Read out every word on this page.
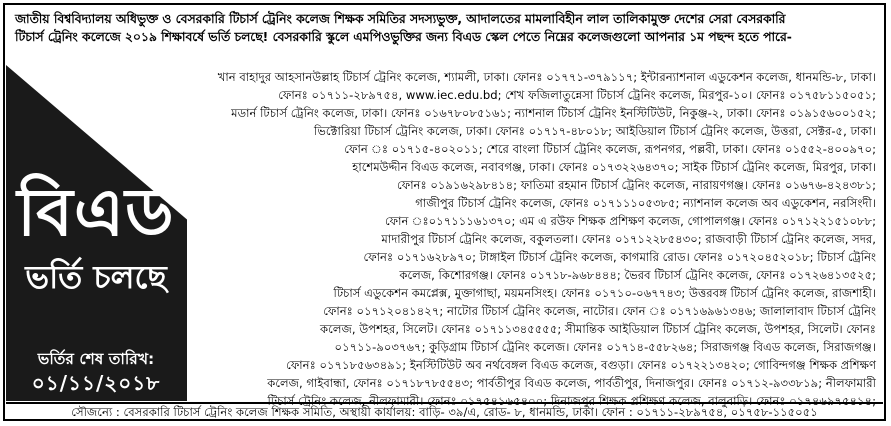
জাতীয় বিশ্ববিদ্যালয় অধিভুক্ত ও বেসরকারি টিচার্স ট্রেনিং কলেজ শিক্ষক সমিতির সদস্যভুক্ত, আদালতের মামলাবিহীন লাল তালিকামুক্ত দেশের সেরা বেসরকারি

টিচার্স ট্রেনিং কলেজে ২০১৯ শিক্ষাবর্ষে ভর্তি চলছে! বেসরকারি স্কুলে এমপিওভুক্তির জন্য বিএড স্কেল পেতে নিম্নের কলেজগুলো আপনার ১ম পছন্দ হতে পারে-

খান বাহাদুর আহসানউল্লাহ টিচার্স ট্রেনিং কলেজ, শ্যামলী, ঢাকা। ফোনঃ ০১৭৭১-৩৭৯১১৭; ইন্টারন্যাশনাল এডুকেশন কলেজ, ধানমন্ডি-৮, ঢাকা।
ফোনঃ ০১৭১১-২৮৯৭৫৪, www.iec.edu.bd; শেখ ফজিলাতুন্নেসা টিচার্স ট্রেনিং কলেজ, মিরপুর-১০। ফোনঃ ০১৭৫৮১১৫০৫১;
মডার্ন টিচার্স ট্রেনিং কলেজ, ঢাকা। ফোনঃ ০১৬৭৮০৮৫১৬১; ন্যাশনাল টিচার্স ট্রেনিং ইনস্টিটিউট, নিকুঞ্জ-২, ঢাকা। ফোনঃ ০১৯১৫৬০০১৫২;
ভিক্টোরিয়া টিচার্স ট্রেনিং কলেজ, ঢাকা। ফোনঃ ০১৭১৭-৪৮০১৮; আইডিয়াল টিচার্স ট্রেনিং কলেজ, উত্তরা, সেক্টর-৫, ঢাকা।
ফোন ঃ ০১৭১৫-৪০২০১১; শেরে বাংলা টিচার্স ট্রেনিং কলেজ, রূপনগর, পল্লবী, ঢাকা। ফোনঃ ০১৫৫২-৪০০৯৭০;
হাশেমউদ্দীন বিএড কলেজ, নবাবগঞ্জ, ঢাকা। ফোনঃ ০১৭৩২২৬৪৩৭০; সাইক টিচার্স ট্রেনিং কলেজ, মিরপুর, ঢাকা।
ফোনঃ ০১৯১৬২৯৮৪১৪; ফাতিমা রহমান টিচার্স ট্রেনিং কলেজ, নারায়ণগঞ্জ। ফোনঃ ০১৬৭৬-৪২৪৩৮১;
গাজীপুর টিচার্স ট্রেনিং কলেজ, ফোনঃ ০১৭১১১০৫৩৮৫; ন্যাশনাল কলেজ অব এডুকেশন, নরসিংদী।
ফোন ঃ০১৭১১১৬১৩৭০; এম এ রউফ শিক্ষক প্রশিক্ষণ কলেজ, গোপালগঞ্জ। ফোনঃ ০১৭১২২১৫১০৮৮;
মাদারীপুর টিচার্স ট্রেনিং কলেজ, বকুলতলা। ফোনঃ ০১৭১২২৮৫৪৩০; রাজবাড়ী টিচার্স ট্রেনিং কলেজ, সদর,
ফোনঃ ০১৭১৬২৮৯৭০; টাঙ্গাইল টিচার্স ট্রেনিং কলেজ, কাগমারি রোড। ফোনঃ ০১৭২০৪৫২০১৮; টিচার্স ট্রেনিং
কলেজ, কিশোরগঞ্জ। ফোনঃ ০১৭১৮-৯৬৮৪৪৪; ভৈরব টিচার্স ট্রেনিং কলেজ, ফোনঃ ০১৭২৬৪১৩৫২৫;
টিচার্স এডুকেশন কমপ্লেক্স, মুক্তাগাছা, ময়মনসিংহ। ফোনঃ ০১৭১০-০৬৭৭৪৩; উত্তরবঙ্গ টিচার্স ট্রেনিং কলেজ, রাজশাহী।
ফোনঃ ০১৭১২০৪১৪২৭; নাটোর টিচার্স ট্রেনিং কলেজ, নাটোর। ফোন ঃ ০১৭১৬৯৬১৩৪৬; জালালাবাদ টিচার্স ট্রেনিং
কলেজ, উপশহর, সিলেট। ফোনঃ ০১৭১১৩৪৫৫৫৫; সীমান্তিক আইডিয়াল টিচার্স ট্রেনিং কলেজ, উপশহর, সিলেট। ফোনঃ
০১৭১১-৯০৩৭৬৭; কুড়িগ্রাম টিচার্স ট্রেনিং কলেজ। ফোনঃ ০১৭১৪-৫৫৮২৬৪; সিরাজগঞ্জ বিএড কলেজ, সিরাজগঞ্জ।
ফোনঃ ০১৭১৮৫৬৩৪৯১; ইনস্টিটিউট অব নর্থবেঙ্গল বিএড কলেজ, বগুড়া। ফোনঃ ০১৭২২১৩৪২০; গোবিন্দগঞ্জ শিক্ষক প্রশিক্ষণ
কলেজ, গাইবান্ধা, ফোনঃ ০১৭১৮৭৮৫৫৪৩; পার্বতীপুর বিএড কলেজ, পার্বতীপুর, দিনাজপুর। ফোনঃ ০১৭১২-৯৩৩৮১৯; নীলফামারী
টিচার্স ট্রেনিং কলেজ, নীলফামারী। ফোনঃ ০১৭৫৪১৬৫৪০০; দিনাজপুর শিক্ষক প্রশিক্ষণ কলেজ, বালুবাড়ি। ফোনঃ ০১৭৪৬৯৭৫৪১৪;
বিএড
ভর্তি চলছে
ভর্তির শেষ তারিখ:
০১/১১/২০১৮
সৌজন্যে : বেসরকারি টিচার্স ট্রেনিং কলেজ শিক্ষক সমিতি, অস্থায়ী কার্যালয়: বাড়ি- ৩৯/এ, রোড- ৮, ধানমন্ডি, ঢাকা। ফোন : ০১৭১১-২৮৯৭৫৪, ০১৭৫৮-১১৫০৫১
